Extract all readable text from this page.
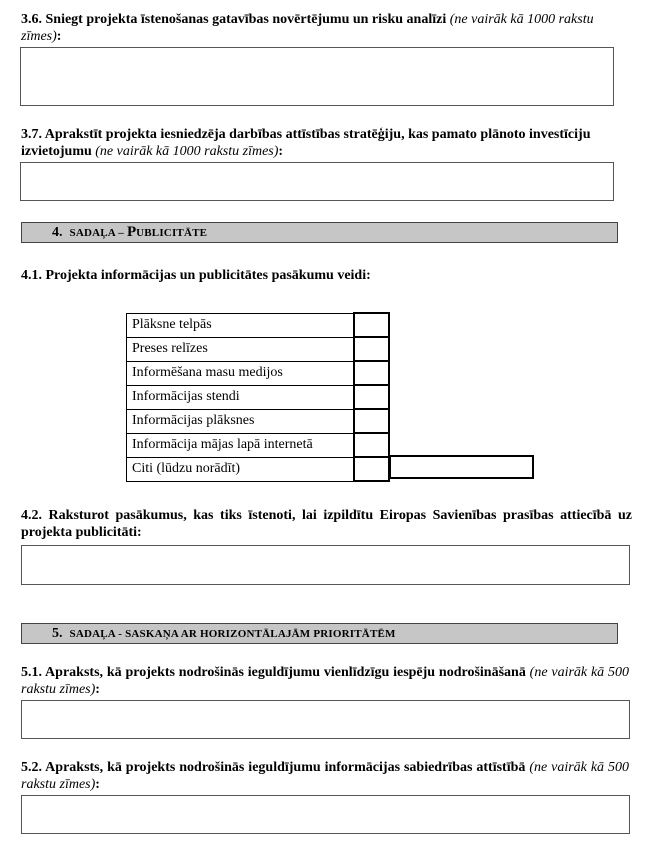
3.6. Sniegt projekta īstenošanas gatavības novērtējumu un risku analīzi (ne vairāk kā 1000 rakstu zīmes):
3.7. Aprakstīt projekta iesniedzēja darbības attīstības stratēģiju, kas pamato plānoto investīciju izvietojumu (ne vairāk kā 1000 rakstu zīmes):
4. SADAĻA – PUBLICITĀTE
4.1. Projekta informācijas un publicitātes pasākumu veidi:
Plāksne telpās	
Preses relīzes	
Informēšana masu medijos	
Informācijas stendi	
Informācijas plāksnes	
Informācija mājas lapā internetā	
Citi (lūdzu norādīt)	
4.2. Raksturot pasākumus, kas tiks īstenoti, lai izpildītu Eiropas Savienības prasības attiecībā uz projekta publicitāti:
5. SADAĻA - SASKAŅA AR HORIZONTĀLAJĀM PRIORITĀTĒM
5.1. Apraksts, kā projekts nodrošinās ieguldījumu vienlīdzīgu iespēju nodrošināšanā (ne vairāk kā 500 rakstu zīmes):
5.2. Apraksts, kā projekts nodrošinās ieguldījumu informācijas sabiedrības attīstībā (ne vairāk kā 500 rakstu zīmes):
